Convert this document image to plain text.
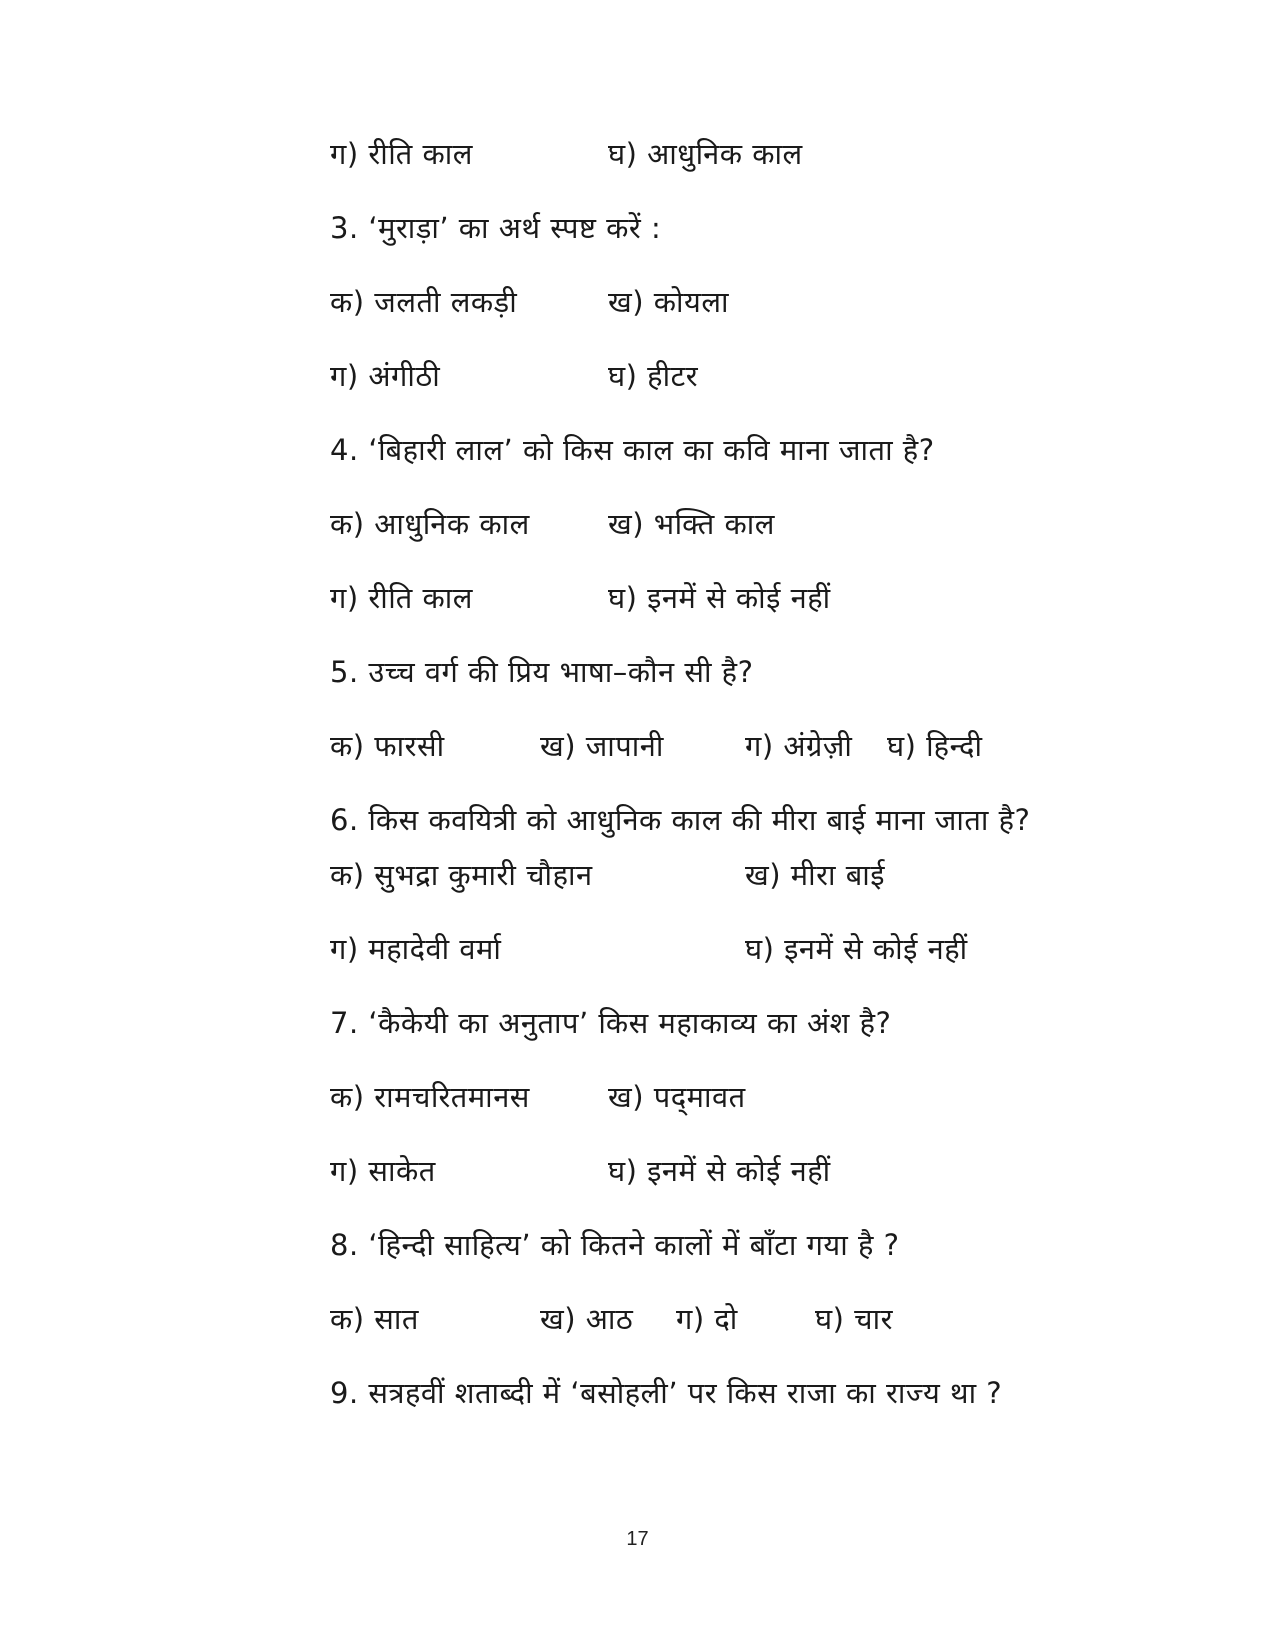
ग) रीति काल	घ) आधुनिक काल
3. ‘मुराड़ा’ का अर्थ स्पष्ट करें :
क) जलती लकड़ी	ख) कोयला
ग) अंगीठी	घ) हीटर
4. ‘बिहारी लाल’ को किस काल का कवि माना जाता है?
क) आधुनिक काल	ख) भक्ति काल
ग) रीति काल	घ) इनमें से कोई नहीं
5. उच्च वर्ग की प्रिय भाषा–कौन सी है?
क) फारसी	ख) जापानी	ग) अंग्रेज़ी घ) हिन्दी
6. किस कवयित्री को आधुनिक काल की मीरा बाई माना जाता है?
क) सुभद्रा कुमारी चौहान	ख) मीरा बाई
ग) महादेवी वर्मा	घ) इनमें से कोई नहीं
7. ‘कैकेयी का अनुताप’ किस महाकाव्य का अंश है?
क) रामचरितमानस	ख) पद्‌मावत
ग) साकेत	घ) इनमें से कोई नहीं
8. ‘हिन्दी साहित्य’ को कितने कालों में बाँटा गया है ?
क) सात	ख) आठ ग) दो	घ) चार
9. सत्रहवीं शताब्दी में ‘बसोहली’ पर किस राजा का राज्य था ?
17
